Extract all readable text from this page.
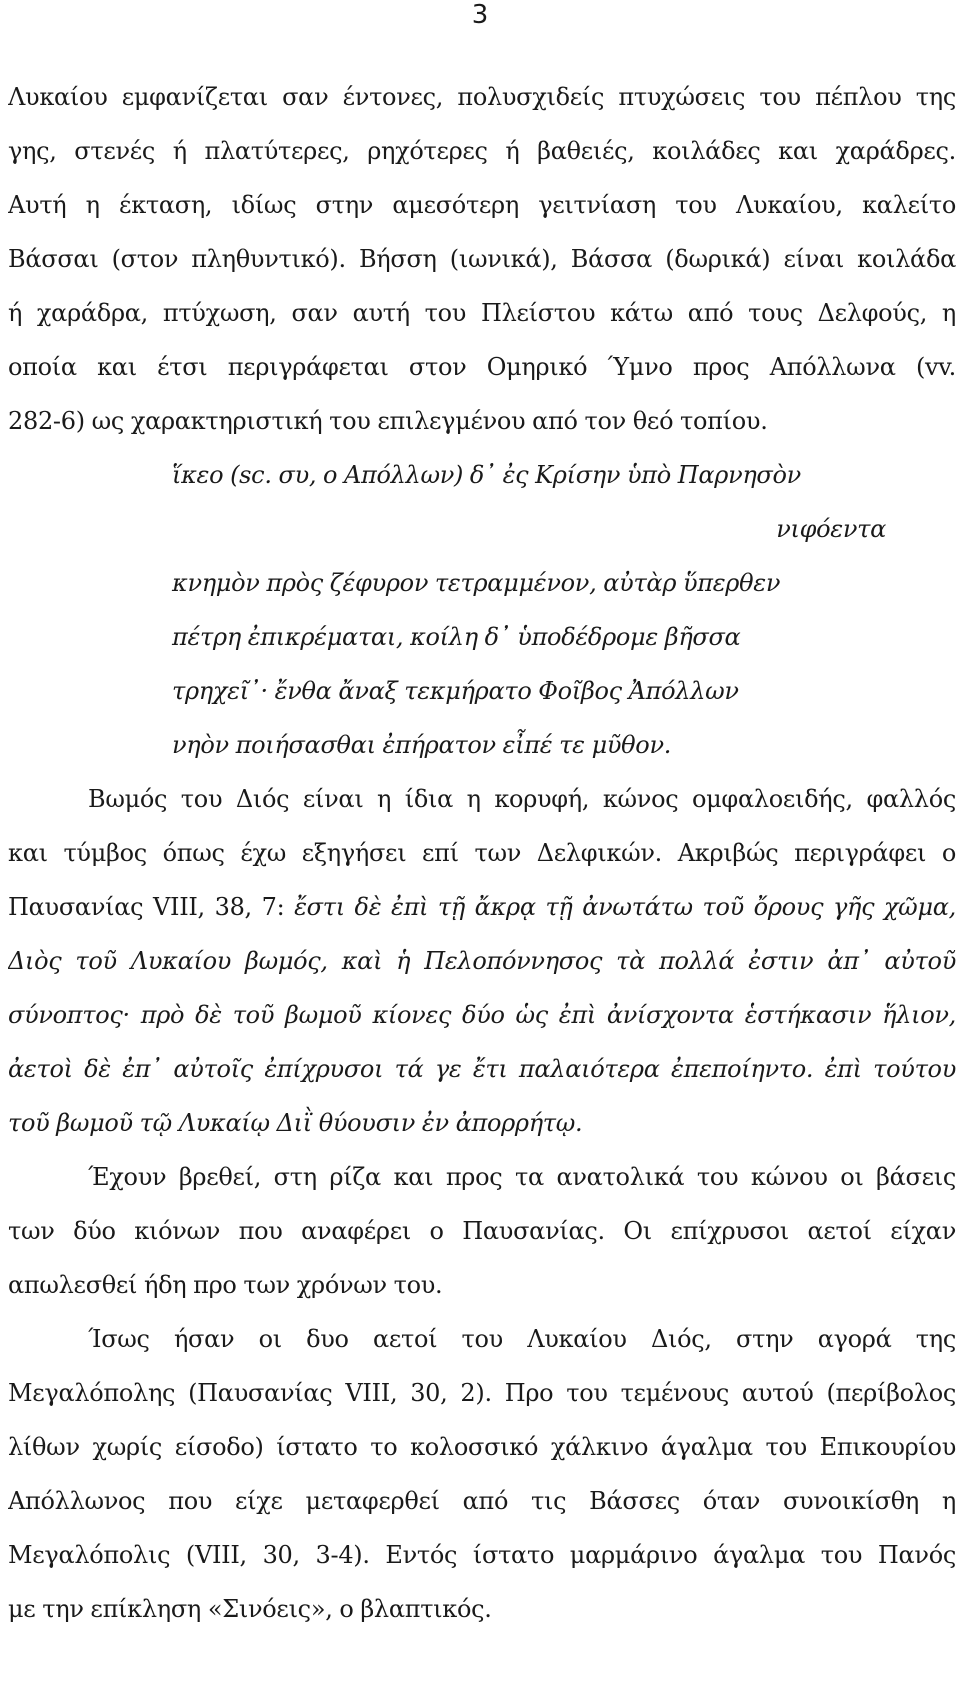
3
Λυκαίου εμφανίζεται σαν έντονες, πολυσχιδείς πτυχώσεις του πέπλου της
γης, στενές ή πλατύτερες, ρηχότερες ή βαθειές, κοιλάδες και χαράδρες.
Αυτή η έκταση, ιδίως στην αμεσότερη γειτνίαση του Λυκαίου, καλείτο
Βάσσαι (στον πληθυντικό). Βήσση (ιωνικά), Βάσσα (δωρικά) είναι κοιλάδα
ή χαράδρα, πτύχωση, σαν αυτή του Πλείστου κάτω από τους Δελφούς, η
οποία και έτσι περιγράφεται στον Ομηρικό Ύμνο προς Απόλλωνα (vv.
282-6) ως χαρακτηριστική του επιλεγμένου από τον θεό τοπίου.
ἵκεο (sc. συ, ο Απόλλων) δ᾽ ἐς Κρίσην ὑπὸ Παρνησὸν
νιφόεντα
κνημὸν πρὸς ζέφυρον τετραμμένον, αὐτὰρ ὕπερθεν
πέτρη ἐπικρέμαται, κοίλη δ᾽ ὑποδέδρομε βῆσσα
τρηχεῖ᾽· ἔνθα ἄναξ τεκμήρατο Φοῖβος Ἀπόλλων
νηὸν ποιήσασθαι ἐπήρατον εἶπέ τε μῦθον.
Βωμός του Διός είναι η ίδια η κορυφή, κώνος ομφαλοειδής, φαλλός
και τύμβος όπως έχω εξηγήσει επί των Δελφικών. Ακριβώς περιγράφει ο
Παυσανίας VIII, 38, 7: ἔστι δὲ ἐπὶ τῇ ἄκρᾳ τῇ ἀνωτάτω τοῦ ὄρους γῆς χῶμα,
Διὸς τοῦ Λυκαίου βωμός, καὶ ἡ Πελοπόννησος τὰ πολλά ἐστιν ἀπ᾽ αὐτοῦ
σύνοπτος· πρὸ δὲ τοῦ βωμοῦ κίονες δύο ὡς ἐπὶ ἀνίσχοντα ἑστήκασιν ἥλιον,
ἀετοὶ δὲ ἐπ᾽ αὐτοῖς ἐπίχρυσοι τά γε ἔτι παλαιότερα ἐπεποίηντο. ἐπὶ τούτου
τοῦ βωμοῦ τῷ Λυκαίῳ Διῒ θύουσιν ἐν ἀπορρήτῳ.
Έχουν βρεθεί, στη ρίζα και προς τα ανατολικά του κώνου οι βάσεις
των δύο κιόνων που αναφέρει ο Παυσανίας. Οι επίχρυσοι αετοί είχαν
απωλεσθεί ήδη προ των χρόνων του.
Ίσως ήσαν οι δυο αετοί του Λυκαίου Διός, στην αγορά της
Μεγαλόπολης (Παυσανίας VIII, 30, 2). Προ του τεμένους αυτού (περίβολος
λίθων χωρίς είσοδο) ίστατο το κολοσσικό χάλκινο άγαλμα του Επικουρίου
Απόλλωνος που είχε μεταφερθεί από τις Βάσσες όταν συνοικίσθη η
Μεγαλόπολις (VIII, 30, 3-4). Εντός ίστατο μαρμάρινο άγαλμα του Πανός
με την επίκληση «Σινόεις», ο βλαπτικός.
